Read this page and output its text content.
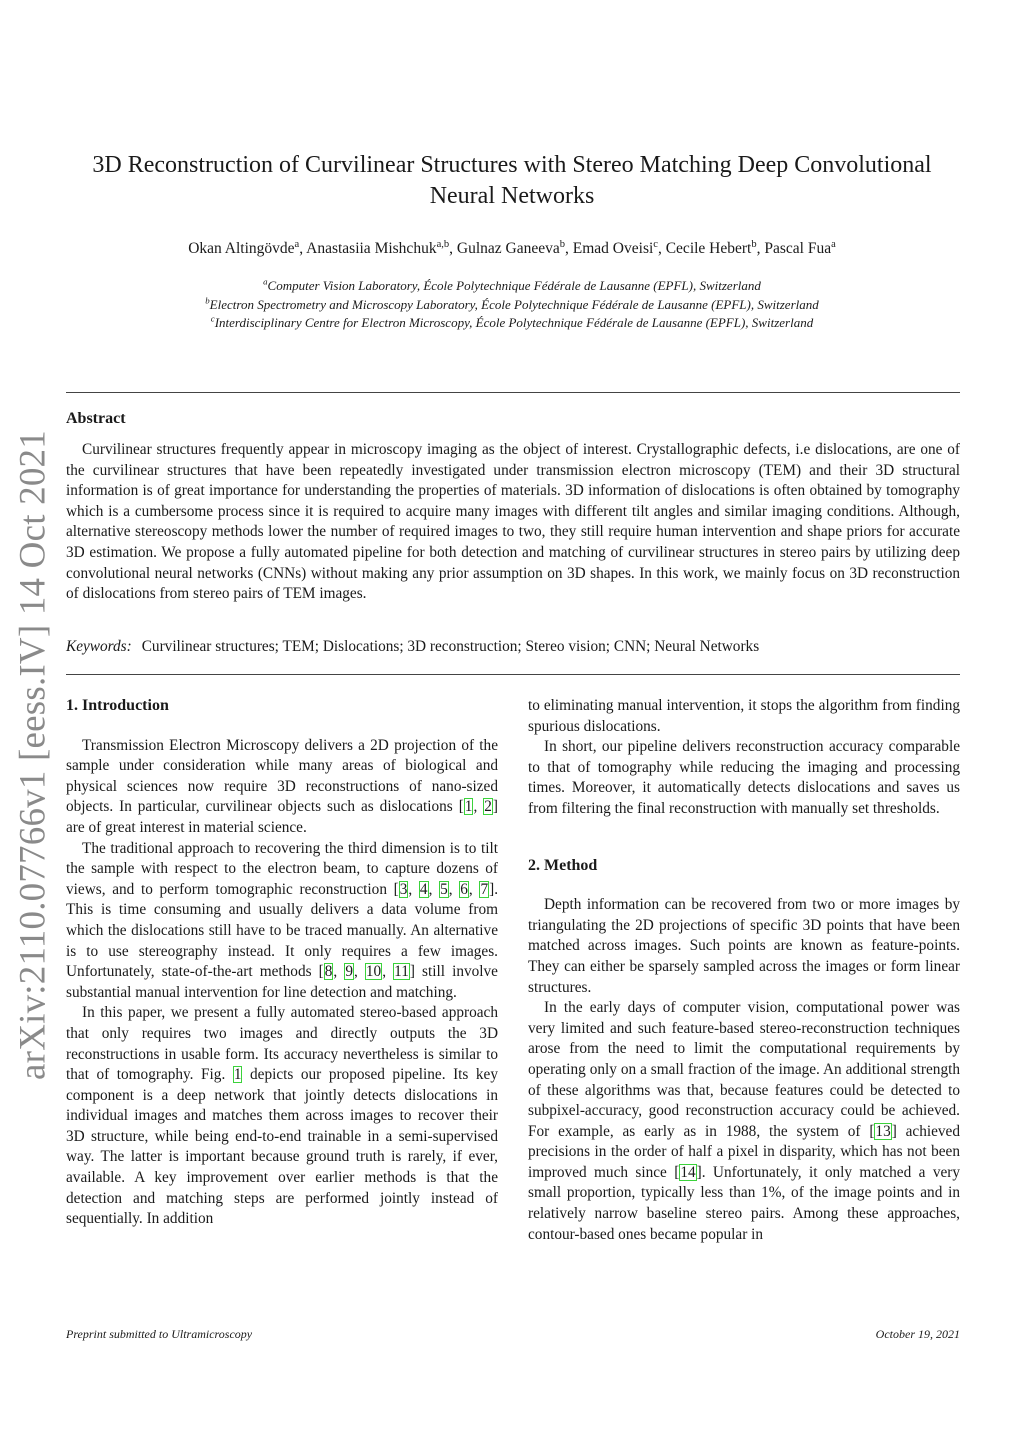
arXiv:2110.07766v1 [eess.IV] 14 Oct 2021
3D Reconstruction of Curvilinear Structures with Stereo Matching Deep Convolutional Neural Networks
Okan Altingövde$^a$, Anastasiia Mishchuk$^{a,b}$, Gulnaz Ganeeva$^b$, Emad Oveisi$^c$, Cecile Hebert$^b$, Pascal Fua$^a$
$^a$Computer Vision Laboratory, École Polytechnique Fédérale de Lausanne (EPFL), Switzerland
$^b$Electron Spectrometry and Microscopy Laboratory, École Polytechnique Fédérale de Lausanne (EPFL), Switzerland
$^c$Interdisciplinary Centre for Electron Microscopy, École Polytechnique Fédérale de Lausanne (EPFL), Switzerland
Abstract
Curvilinear structures frequently appear in microscopy imaging as the object of interest. Crystallographic defects, i.e dislocations, are one of the curvilinear structures that have been repeatedly investigated under transmission electron microscopy (TEM) and their 3D structural information is of great importance for understanding the properties of materials. 3D information of dislocations is often obtained by tomography which is a cumbersome process since it is required to acquire many images with different tilt angles and similar imaging conditions. Although, alternative stereoscopy methods lower the number of required images to two, they still require human intervention and shape priors for accurate 3D estimation. We propose a fully automated pipeline for both detection and matching of curvilinear structures in stereo pairs by utilizing deep convolutional neural networks (CNNs) without making any prior assumption on 3D shapes. In this work, we mainly focus on 3D reconstruction of dislocations from stereo pairs of TEM images.
Keywords: Curvilinear structures; TEM; Dislocations; 3D reconstruction; Stereo vision; CNN; Neural Networks
1. Introduction

Transmission Electron Microscopy delivers a 2D projection of the sample under consideration while many areas of biological and physical sciences now require 3D reconstructions of nano-sized objects. In particular, curvilinear objects such as dislocations [1, 2] are of great interest in material science.

The traditional approach to recovering the third dimension is to tilt the sample with respect to the electron beam, to capture dozens of views, and to perform tomographic reconstruction [3, 4, 5, 6, 7]. This is time consuming and usually delivers a data volume from which the dislocations still have to be traced manually. An alternative is to use stereography instead. It only requires a few images. Unfortunately, state-of-the-art methods [8, 9, 10, 11] still involve substantial manual intervention for line detection and matching.

In this paper, we present a fully automated stereo-based approach that only requires two images and directly outputs the 3D reconstructions in usable form. Its accuracy nevertheless is similar to that of tomography. Fig. 1 depicts our proposed pipeline. Its key component is a deep network that jointly detects dislocations in individual images and matches them across images to recover their 3D structure, while being end-to-end trainable in a semi-supervised way. The latter is important because ground truth is rarely, if ever, available. A key improvement over earlier methods is that the detection and matching steps are performed jointly instead of sequentially. In addition

to eliminating manual intervention, it stops the algorithm from finding spurious dislocations.

In short, our pipeline delivers reconstruction accuracy comparable to that of tomography while reducing the imaging and processing times. Moreover, it automatically detects dislocations and saves us from filtering the final reconstruction with manually set thresholds.

2. Method

Depth information can be recovered from two or more images by triangulating the 2D projections of specific 3D points that have been matched across images. Such points are known as feature-points. They can either be sparsely sampled across the images or form linear structures.

In the early days of computer vision, computational power was very limited and such feature-based stereo-reconstruction techniques arose from the need to limit the computational requirements by operating only on a small fraction of the image. An additional strength of these algorithms was that, because features could be detected to subpixel-accuracy, good reconstruction accuracy could be achieved. For example, as early as in 1988, the system of [13] achieved precisions in the order of half a pixel in disparity, which has not been improved much since [14]. Unfortunately, it only matched a very small proportion, typically less than 1%, of the image points and in relatively narrow baseline stereo pairs. Among these approaches, contour-based ones became popular in

Preprint submitted to Ultramicroscopy	October 19, 2021
